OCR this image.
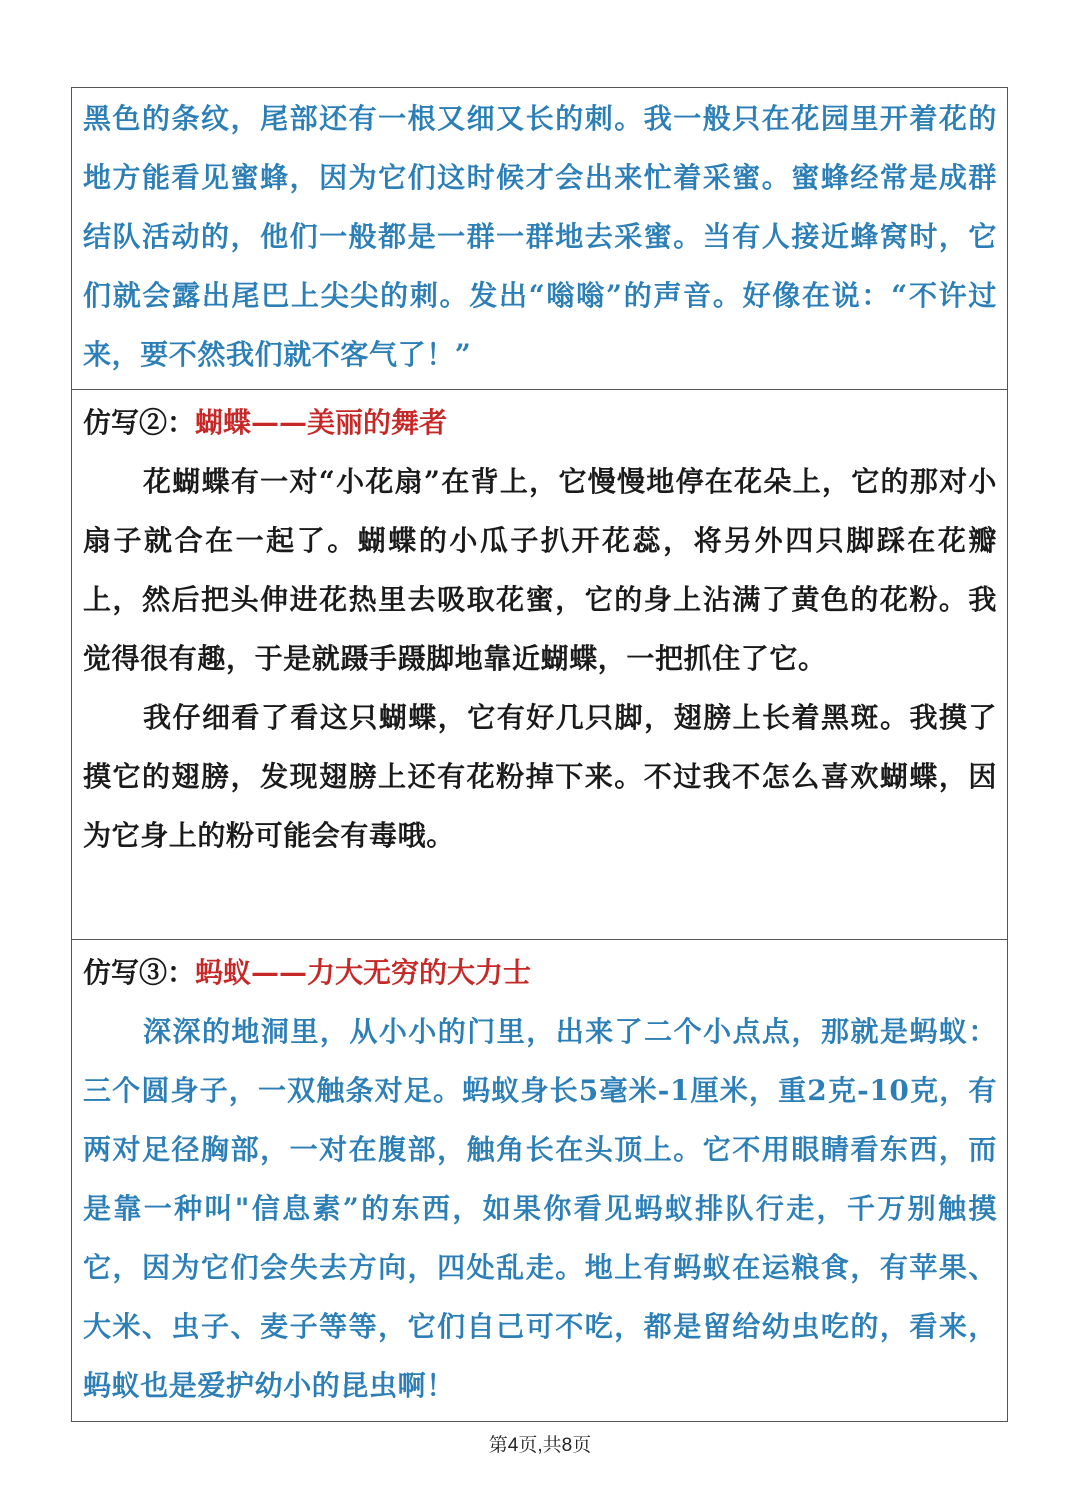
黑色的条纹，尾部还有一根又细又长的刺。我一般只在花园里开着花的地方能看见蜜蜂，因为它们这时候才会出来忙着采蜜。蜜蜂经常是成群结队活动的，他们一般都是一群一群地去采蜜。当有人接近蜂窝时，它们就会露出尾巴上尖尖的刺。发出“嗡嗡”的声音。好像在说：“不许过来，要不然我们就不客气了！”

仿写②：蝴蝶——美丽的舞者

花蝴蝶有一对“小花扇”在背上，它慢慢地停在花朵上，它的那对小扇子就合在一起了。蝴蝶的小瓜子扒开花蕊，将另外四只脚踩在花瓣上，然后把头伸进花热里去吸取花蜜，它的身上沾满了黄色的花粉。我觉得很有趣，于是就蹑手蹑脚地靠近蝴蝶，一把抓住了它。

我仔细看了看这只蝴蝶，它有好几只脚，翅膀上长着黑斑。我摸了摸它的翅膀，发现翅膀上还有花粉掉下来。不过我不怎么喜欢蝴蝶，因为它身上的粉可能会有毒哦。

仿写③：蚂蚁——力大无穷的大力士

深深的地洞里，从小小的门里，出来了二个小点点，那就是蚂蚁：三个圆身子，一双触条对足。蚂蚁身长5毫米-1厘米，重2克-10克，有两对足径胸部，一对在腹部，触角长在头顶上。它不用眼睛看东西，而是靠一种叫"信息素”的东西，如果你看见蚂蚁排队行走，千万别触摸它，因为它们会失去方向，四处乱走。地上有蚂蚁在运粮食，有苹果、大米、虫子、麦子等等，它们自己可不吃，都是留给幼虫吃的，看来，蚂蚁也是爱护幼小的昆虫啊！

第4页,共8页
